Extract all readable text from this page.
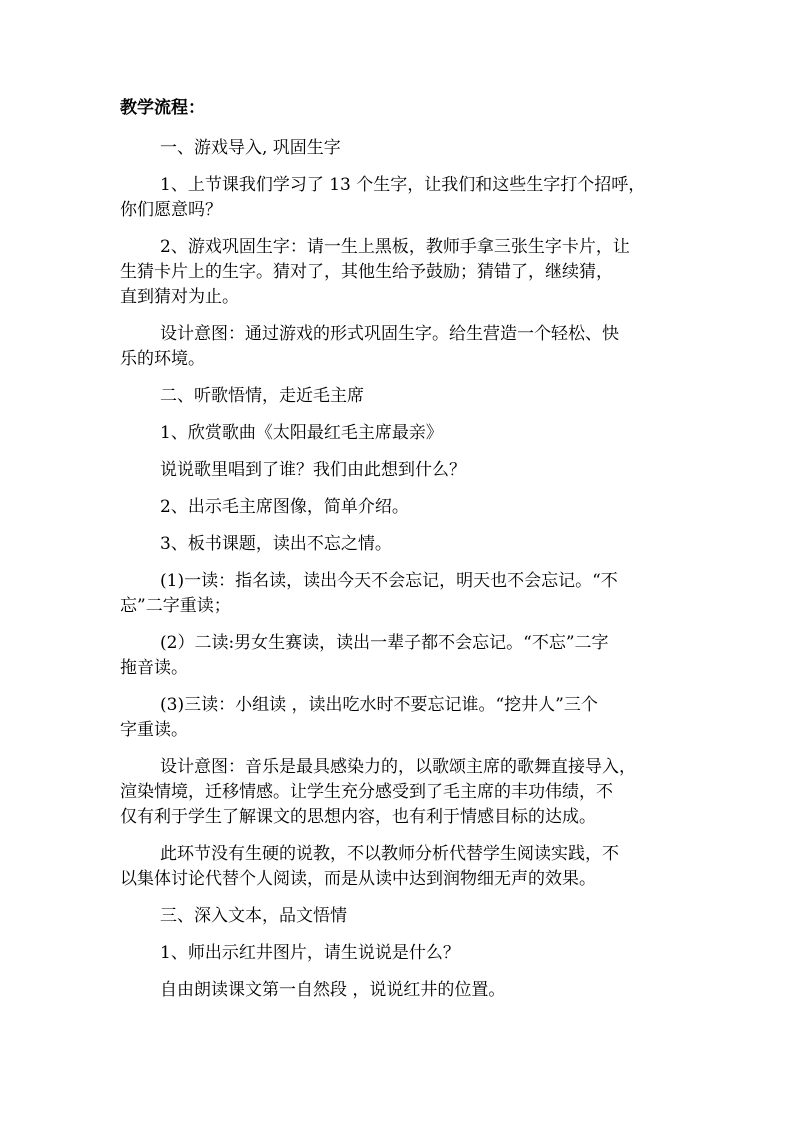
教学流程：
一、游戏导入, 巩固生字
1、上节课我们学习了 13 个生字，让我们和这些生字打个招呼，
你们愿意吗？
2、游戏巩固生字：请一生上黑板，教师手拿三张生字卡片，让
生猜卡片上的生字。猜对了，其他生给予鼓励；猜错了，继续猜，
直到猜对为止。
设计意图：通过游戏的形式巩固生字。给生营造一个轻松、快
乐的环境。
二、听歌悟情，走近毛主席
1、欣赏歌曲《太阳最红毛主席最亲》
说说歌里唱到了谁？我们由此想到什么？
2、出示毛主席图像，简单介绍。
3、板书课题，读出不忘之情。
(1)一读：指名读，读出今天不会忘记，明天也不会忘记。“不
忘”二字重读；
(2）二读:男女生赛读，读出一辈子都不会忘记。“不忘”二字
拖音读。
(3)三读：小组读 ，读出吃水时不要忘记谁。“挖井人”三个
字重读。
设计意图：音乐是最具感染力的，以歌颂主席的歌舞直接导入，
渲染情境，迁移情感。让学生充分感受到了毛主席的丰功伟绩，不
仅有利于学生了解课文的思想内容，也有利于情感目标的达成。
此环节没有生硬的说教，不以教师分析代替学生阅读实践，不
以集体讨论代替个人阅读，而是从读中达到润物细无声的效果。
三、深入文本，品文悟情
1、师出示红井图片，请生说说是什么？
自由朗读课文第一自然段 ，说说红井的位置。
